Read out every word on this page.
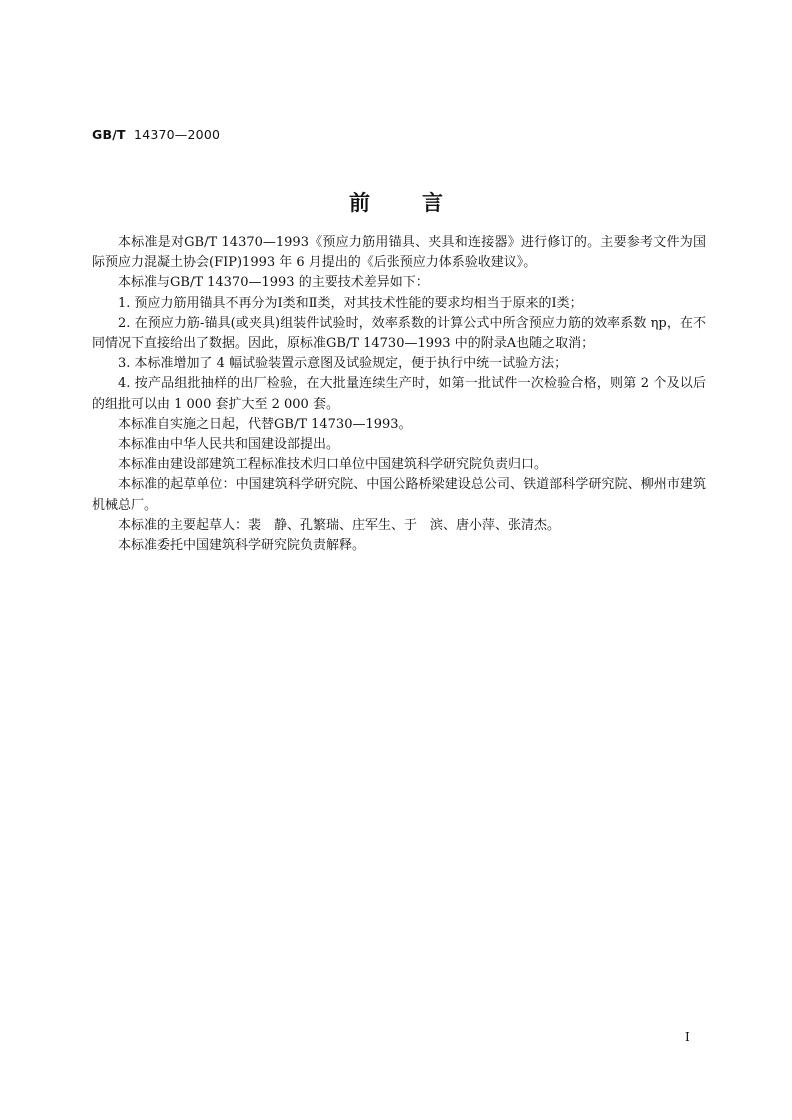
GB/T 14370—2000
前言

本标准是对GB/T 14370—1993《预应力筋用锚具、夹具和连接器》进行修订的。主要参考文件为国际预应力混凝土协会(FIP)1993 年 6 月提出的《后张预应力体系验收建议》。

本标准与GB/T 14370—1993 的主要技术差异如下：

1. 预应力筋用锚具不再分为Ⅰ类和Ⅱ类，对其技术性能的要求均相当于原来的Ⅰ类；

2. 在预应力筋-锚具(或夹具)组装件试验时，效率系数的计算公式中所含预应力筋的效率系数 ηp，在不同情况下直接给出了数据。因此，原标准GB/T 14730—1993 中的附录A也随之取消；

3. 本标准增加了 4 幅试验装置示意图及试验规定，便于执行中统一试验方法；

4. 按产品组批抽样的出厂检验，在大批量连续生产时，如第一批试件一次检验合格，则第 2 个及以后的组批可以由 1 000 套扩大至 2 000 套。

本标准自实施之日起，代替GB/T 14730—1993。

本标准由中华人民共和国建设部提出。

本标准由建设部建筑工程标准技术归口单位中国建筑科学研究院负责归口。

本标准的起草单位：中国建筑科学研究院、中国公路桥梁建设总公司、铁道部科学研究院、柳州市建筑机械总厂。

本标准的主要起草人：裴　静、孔繁瑞、庄军生、于　滨、唐小萍、张清杰。

本标准委托中国建筑科学研究院负责解释。

Ⅰ
